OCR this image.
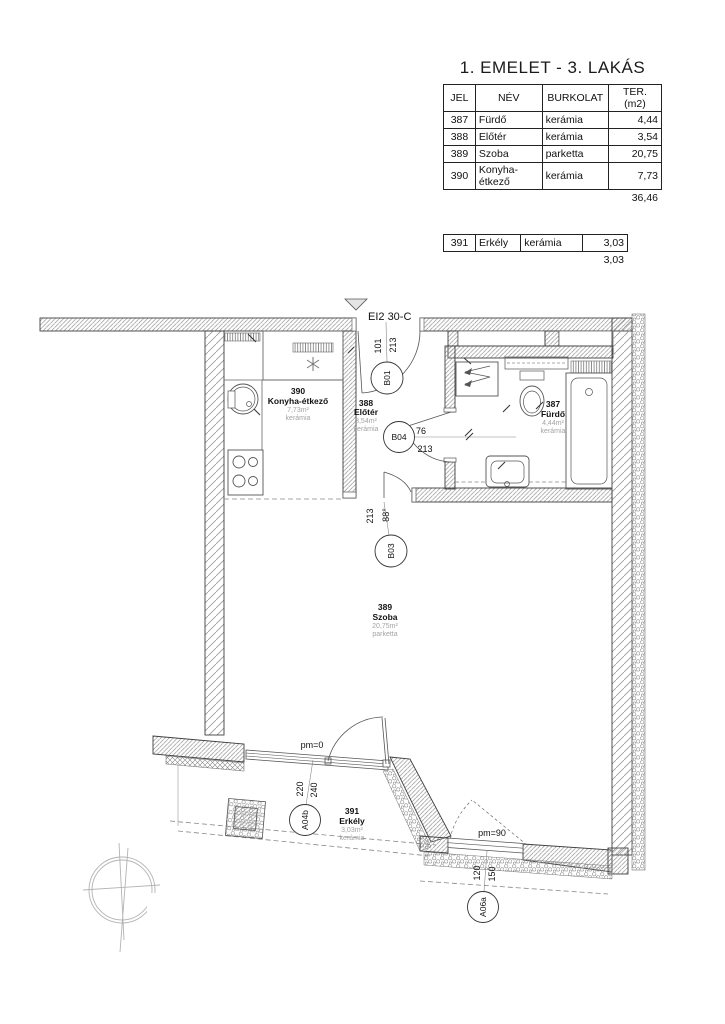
1. EMELET - 3. LAKÁS
JEL	NÉV	BURKOLAT	TER. (m2)
387	Fürdő	kerámia	4,44
388	Előtér	kerámia	3,54
389	Szoba	parketta	20,75
390	Konyha-étkező	kerámia	7,73
36,46
391	Erkély	kerámia	3,03
3,03
B01
101 213
B04
76
213
B03
213 88°
A04b
220 240
A06a
120 150
EI2 30-C
pm=0
pm=90
390
Konyha-étkező
7,73m²
kerámia
388
Előtér
3,54m²
kerámia
387
Fürdő
4,44m²
kerámia
389
Szoba
20,75m²
parketta
391
Erkély
3,03m²
kerámia
